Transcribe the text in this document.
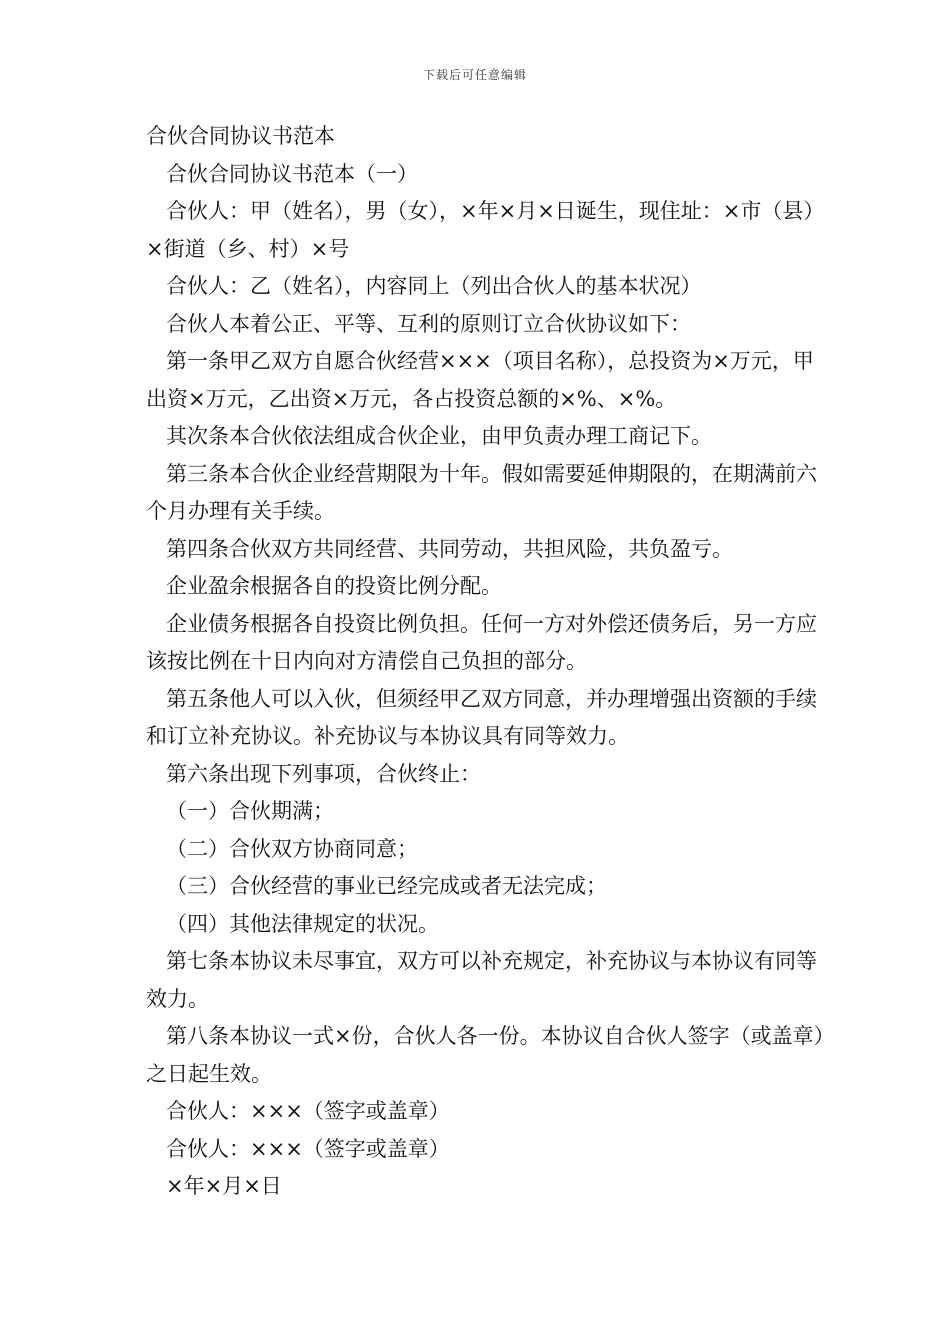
下载后可任意编辑

合伙合同协议书范本

合伙合同协议书范本（一）

合伙人：甲（姓名），男（女），×年×月×日诞生，现住址：×市（县）×街道（乡、村）×号

合伙人：乙（姓名），内容同上（列出合伙人的基本状况）

合伙人本着公正、平等、互利的原则订立合伙协议如下：

第一条甲乙双方自愿合伙经营×××（项目名称），总投资为×万元，甲出资×万元，乙出资×万元，各占投资总额的×%、×%。

其次条本合伙依法组成合伙企业，由甲负责办理工商记下。

第三条本合伙企业经营期限为十年。假如需要延伸期限的，在期满前六个月办理有关手续。

第四条合伙双方共同经营、共同劳动，共担风险，共负盈亏。

企业盈余根据各自的投资比例分配。

企业债务根据各自投资比例负担。任何一方对外偿还债务后，另一方应该按比例在十日内向对方清偿自己负担的部分。

第五条他人可以入伙，但须经甲乙双方同意，并办理增强出资额的手续和订立补充协议。补充协议与本协议具有同等效力。

第六条出现下列事项，合伙终止：

（一）合伙期满；

（二）合伙双方协商同意；

（三）合伙经营的事业已经完成或者无法完成；

（四）其他法律规定的状况。

第七条本协议未尽事宜，双方可以补充规定，补充协议与本协议有同等效力。

第八条本协议一式×份，合伙人各一份。本协议自合伙人签字（或盖章）之日起生效。

合伙人：×××（签字或盖章）

合伙人：×××（签字或盖章）

×年×月×日
